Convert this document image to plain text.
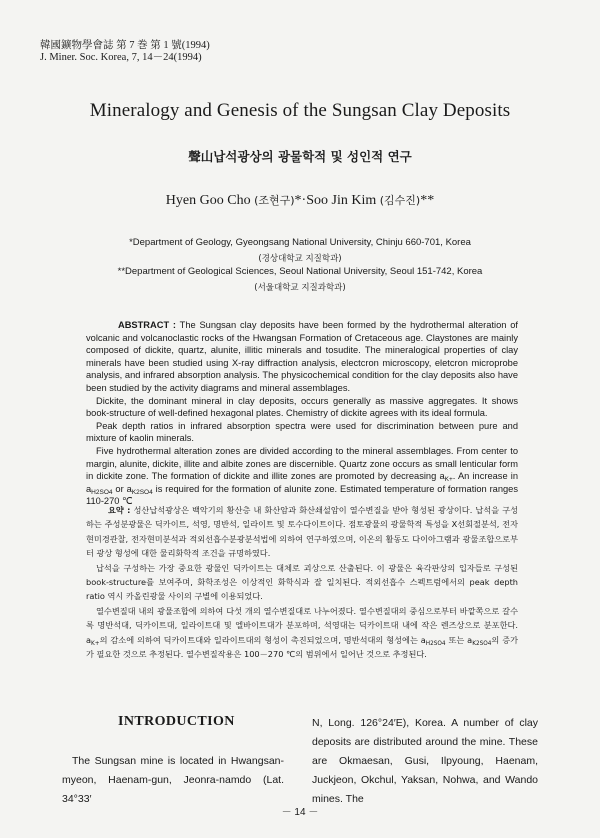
韓國鑛物學會誌 第 7 巻 第 1 號(1994)
J. Miner. Soc. Korea, 7, 14－24(1994)
Mineralogy and Genesis of the Sungsan Clay Deposits
聲山납석광상의 광물학적 및 성인적 연구
Hyen Goo Cho (조현구)*·Soo Jin Kim (김수진)**
*Department of Geology, Gyeongsang National University, Chinju 660-701, Korea
(경상대학교 지질학과)
**Department of Geological Sciences, Seoul National University, Seoul 151-742, Korea
(서울대학교 지질과학과)

ABSTRACT : The Sungsan clay deposits have been formed by the hydrothermal alteration of volcanic and volcanoclastic rocks of the Hwangsan Formation of Cretaceous age. Claystones are mainly composed of dickite, quartz, alunite, illitic minerals and tosudite. The mineralogical properties of clay minerals have been studied using X-ray diffraction analysis, electcron microscopy, eletcron microprobe analysis, and infrared absorption analysis. The physicochemical condition for the clay deposits also have been studied by the activity diagrams and mineral assemblages.

Dickite, the dominant mineral in clay deposits, occurs generally as massive aggregates. It shows book-structure of well-defined hexagonal plates. Chemistry of dickite agrees with its ideal formula.

Peak depth ratios in infrared absorption spectra were used for discrimination between pure and mixture of kaolin minerals.

Five hydrothermal alteration zones are divided according to the mineral assemblages. From center to margin, alunite, dickite, illite and albite zones are discernible. Quartz zone occurs as small lenticular form in dickite zone. The formation of dickite and illite zones are promoted by decreasing $a_{K+}$. An increase in $a_{H2SO4}$ or $a_{K2SO4}$ is required for the formation of alunite zone. Estimated temperature of formation ranges 110-270 ℃

요약 : 성산납석광상은 백악기의 황산층 내 화산암과 화산쇄설암이 열수변질을 받아 형성된 광상이다. 납석을 구성하는 주성분광물은 딕카이트, 석영, 명반석, 일라이트 및 토수다이트이다. 점토광물의 광물학적 특성을 X선회절분석, 전자현미경관찰, 전자현미분석과 적외선흡수분광분석법에 의하여 연구하였으며, 이온의 활동도 다이아그램과 광물조합으로부터 광상 형성에 대한 물리화학적 조건을 규명하였다.

납석을 구성하는 가장 중요한 광물인 딕카이트는 대체로 괴상으로 산출된다. 이 광물은 육각판상의 입자들로 구성된 book-structure를 보여주며, 화학조성은 이상적인 화학식과 잘 일치된다. 적외선흡수 스펙트럼에서의 peak depth ratio 역시 카올린광물 사이의 구별에 이용되었다.

열수변질대 내의 광물조합에 의하여 다섯 개의 열수변질대로 나누어졌다. 열수변질대의 중심으로부터 바깥쪽으로 갈수록 명반석대, 딕카이트대, 일라이트대 및 엘바이트대가 분포하며, 석영대는 딕카이트대 내에 작은 렌즈상으로 분포한다. $a_{K+}$의 감소에 의하여 딕카이트대와 일라이트대의 형성이 촉진되었으며, 명반석대의 형성에는 $a_{H2SO4}$ 또는 $a_{K2SO4}$의 증가가 필요한 것으로 추정된다. 열수변질작용은 100－270 ℃의 범위에서 일어난 것으로 추정된다.

INTRODUCTION

The Sungsan mine is located in Hwangsan-myeon, Haenam-gun, Jeonra-namdo (Lat. 34°33′

N, Long. 126°24′E), Korea. A number of clay deposits are distributed around the mine. These are Okmaesan, Gusi, Ilpyoung, Haenam, Juckjeon, Okchul, Yaksan, Nohwa, and Wando mines. The

－ 14 －
